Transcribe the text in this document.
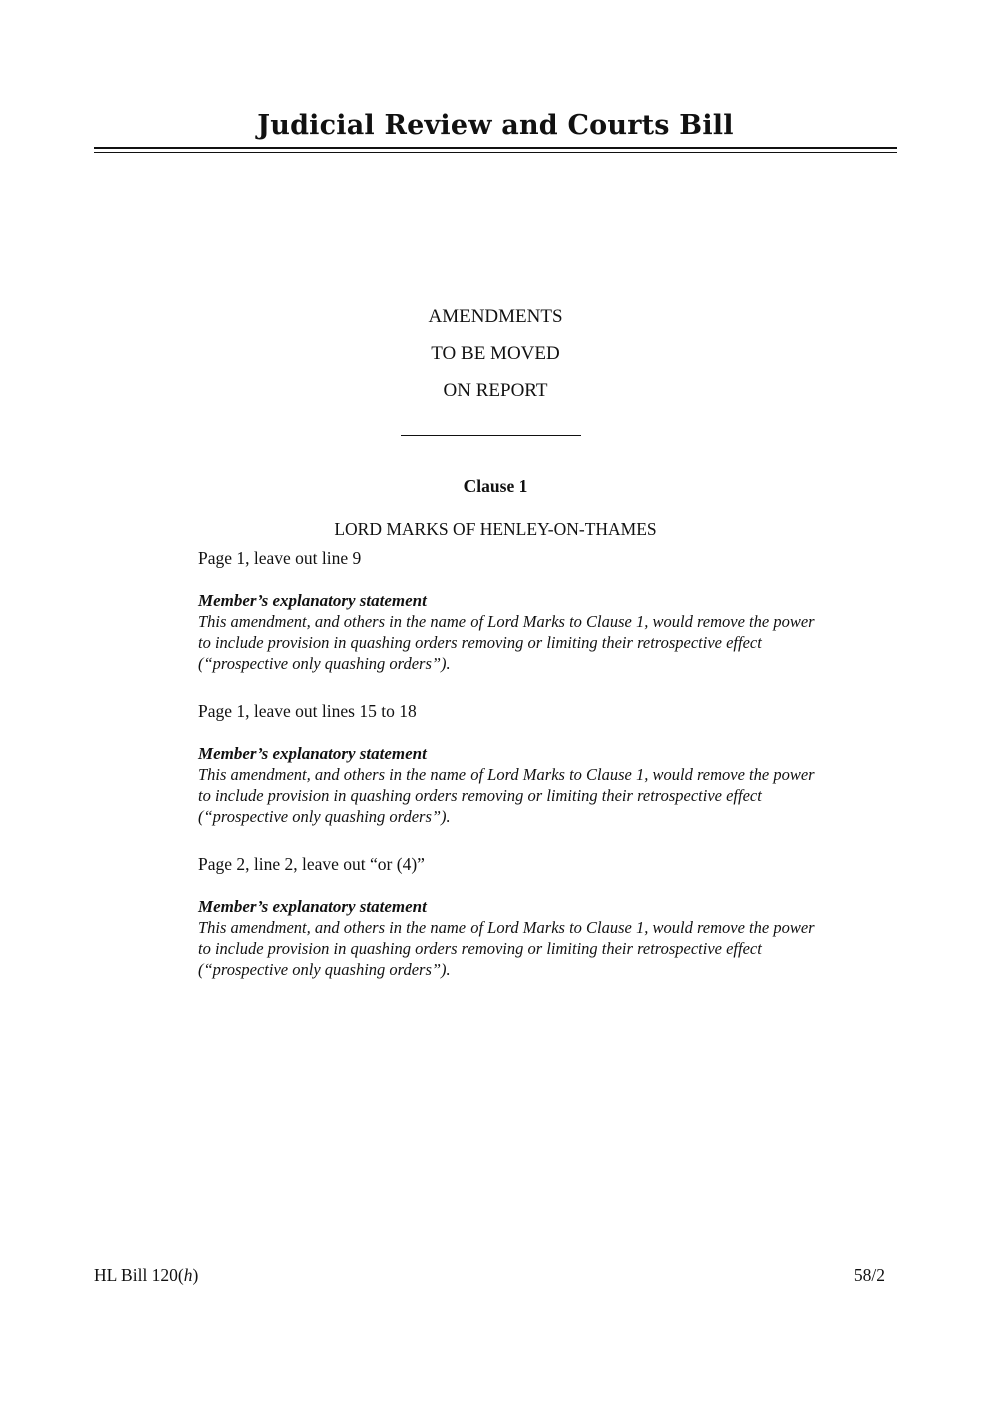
Judicial Review and Courts Bill
AMENDMENTS
TO BE MOVED
ON REPORT
Clause 1
LORD MARKS OF HENLEY-ON-THAMES

Page 1, leave out line 9

Member’s explanatory statement

This amendment, and others in the name of Lord Marks to Clause 1, would remove the power
to include provision in quashing orders removing or limiting their retrospective effect
(“prospective only quashing orders”).

Page 1, leave out lines 15 to 18

Member’s explanatory statement

This amendment, and others in the name of Lord Marks to Clause 1, would remove the power
to include provision in quashing orders removing or limiting their retrospective effect
(“prospective only quashing orders”).

Page 2, line 2, leave out “or (4)”

Member’s explanatory statement

This amendment, and others in the name of Lord Marks to Clause 1, would remove the power
to include provision in quashing orders removing or limiting their retrospective effect
(“prospective only quashing orders”).

HL Bill 120(h)	58/2
